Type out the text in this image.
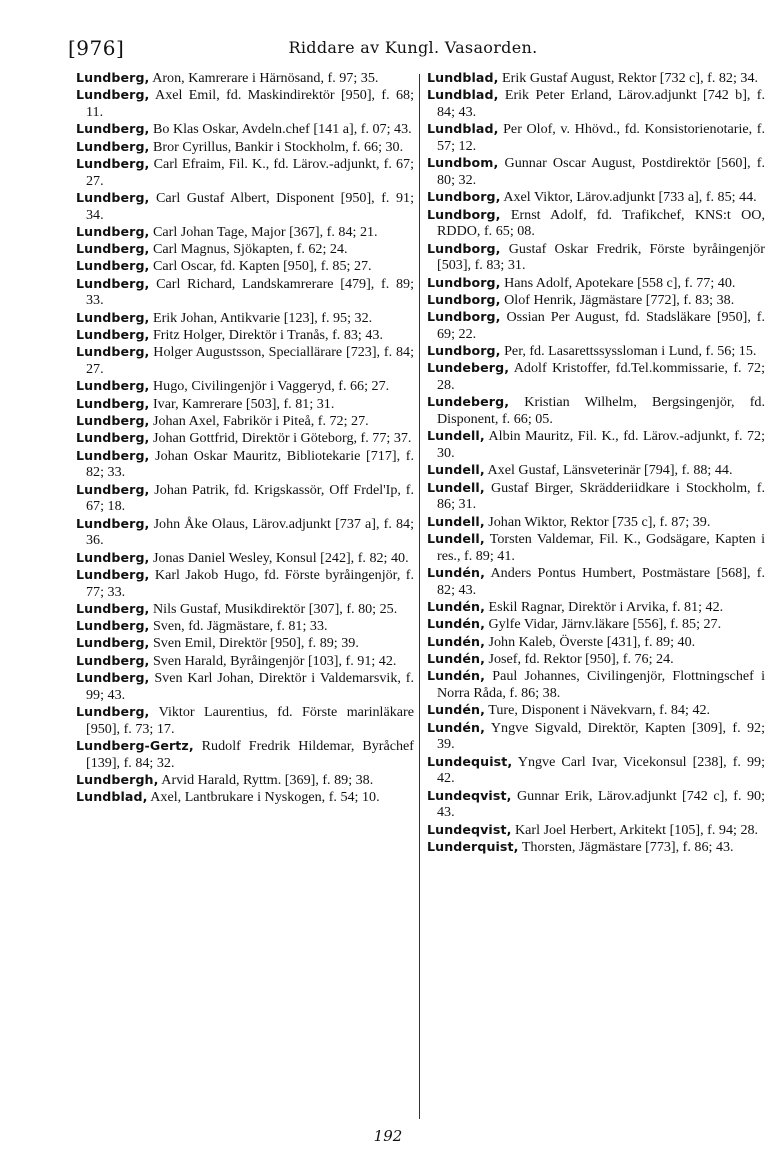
[976]	Riddare av Kungl. Vasaorden.

Lundberg, Aron, Kamrerare i Härnösand, f. 97; 35.

Lundberg, Axel Emil, fd. Maskindirektör [950], f. 68; 11.

Lundberg, Bo Klas Oskar, Avdeln.chef [141 a], f. 07; 43.

Lundberg, Bror Cyrillus, Bankir i Stockholm, f. 66; 30.

Lundberg, Carl Efraim, Fil. K., fd. Lärov.-adjunkt, f. 67; 27.

Lundberg, Carl Gustaf Albert, Disponent [950], f. 91; 34.

Lundberg, Carl Johan Tage, Major [367], f. 84; 21.

Lundberg, Carl Magnus, Sjökapten, f. 62; 24.

Lundberg, Carl Oscar, fd. Kapten [950], f. 85; 27.

Lundberg, Carl Richard, Landskamrerare [479], f. 89; 33.

Lundberg, Erik Johan, Antikvarie [123], f. 95; 32.

Lundberg, Fritz Holger, Direktör i Tranås, f. 83; 43.

Lundberg, Holger Augustsson, Speciallärare [723], f. 84; 27.

Lundberg, Hugo, Civilingenjör i Vaggeryd, f. 66; 27.

Lundberg, Ivar, Kamrerare [503], f. 81; 31.

Lundberg, Johan Axel, Fabrikör i Piteå, f. 72; 27.

Lundberg, Johan Gottfrid, Direktör i Göteborg, f. 77; 37.

Lundberg, Johan Oskar Mauritz, Bibliotekarie [717], f. 82; 33.

Lundberg, Johan Patrik, fd. Krigskassör, Off Frdel'Ip, f. 67; 18.

Lundberg, John Åke Olaus, Lärov.adjunkt [737 a], f. 84; 36.

Lundberg, Jonas Daniel Wesley, Konsul [242], f. 82; 40.

Lundberg, Karl Jakob Hugo, fd. Förste byråingenjör, f. 77; 33.

Lundberg, Nils Gustaf, Musikdirektör [307], f. 80; 25.

Lundberg, Sven, fd. Jägmästare, f. 81; 33.

Lundberg, Sven Emil, Direktör [950], f. 89; 39.

Lundberg, Sven Harald, Byråingenjör [103], f. 91; 42.

Lundberg, Sven Karl Johan, Direktör i Valdemarsvik, f. 99; 43.

Lundberg, Viktor Laurentius, fd. Förste marinläkare [950], f. 73; 17.

Lundberg-Gertz, Rudolf Fredrik Hildemar, Byråchef [139], f. 84; 32.

Lundbergh, Arvid Harald, Ryttm. [369], f. 89; 38.

Lundblad, Axel, Lantbrukare i Nyskogen, f. 54; 10.

Lundblad, Erik Gustaf August, Rektor [732 c], f. 82; 34.

Lundblad, Erik Peter Erland, Lärov.adjunkt [742 b], f. 84; 43.

Lundblad, Per Olof, v. Hhövd., fd. Konsistorienotarie, f. 57; 12.

Lundbom, Gunnar Oscar August, Postdirektör [560], f. 80; 32.

Lundborg, Axel Viktor, Lärov.adjunkt [733 a], f. 85; 44.

Lundborg, Ernst Adolf, fd. Trafikchef, KNS:t OO, RDDO, f. 65; 08.

Lundborg, Gustaf Oskar Fredrik, Förste byråingenjör [503], f. 83; 31.

Lundborg, Hans Adolf, Apotekare [558 c], f. 77; 40.

Lundborg, Olof Henrik, Jägmästare [772], f. 83; 38.

Lundborg, Ossian Per August, fd. Stadsläkare [950], f. 69; 22.

Lundborg, Per, fd. Lasarettssyssloman i Lund, f. 56; 15.

Lundeberg, Adolf Kristoffer, fd.Tel.kommissarie, f. 72; 28.

Lundeberg, Kristian Wilhelm, Bergsingenjör, fd. Disponent, f. 66; 05.

Lundell, Albin Mauritz, Fil. K., fd. Lärov.-adjunkt, f. 72; 30.

Lundell, Axel Gustaf, Länsveterinär [794], f. 88; 44.

Lundell, Gustaf Birger, Skrädderiidkare i Stockholm, f. 86; 31.

Lundell, Johan Wiktor, Rektor [735 c], f. 87; 39.

Lundell, Torsten Valdemar, Fil. K., Godsägare, Kapten i res., f. 89; 41.

Lundén, Anders Pontus Humbert, Postmästare [568], f. 82; 43.

Lundén, Eskil Ragnar, Direktör i Arvika, f. 81; 42.

Lundén, Gylfe Vidar, Järnv.läkare [556], f. 85; 27.

Lundén, John Kaleb, Överste [431], f. 89; 40.

Lundén, Josef, fd. Rektor [950], f. 76; 24.

Lundén, Paul Johannes, Civilingenjör, Flottningschef i Norra Råda, f. 86; 38.

Lundén, Ture, Disponent i Nävekvarn, f. 84; 42.

Lundén, Yngve Sigvald, Direktör, Kapten [309], f. 92; 39.

Lundequist, Yngve Carl Ivar, Vicekonsul [238], f. 99; 42.

Lundeqvist, Gunnar Erik, Lärov.adjunkt [742 c], f. 90; 43.

Lundeqvist, Karl Joel Herbert, Arkitekt [105], f. 94; 28.

Lunderquist, Thorsten, Jägmästare [773], f. 86; 43.

192
